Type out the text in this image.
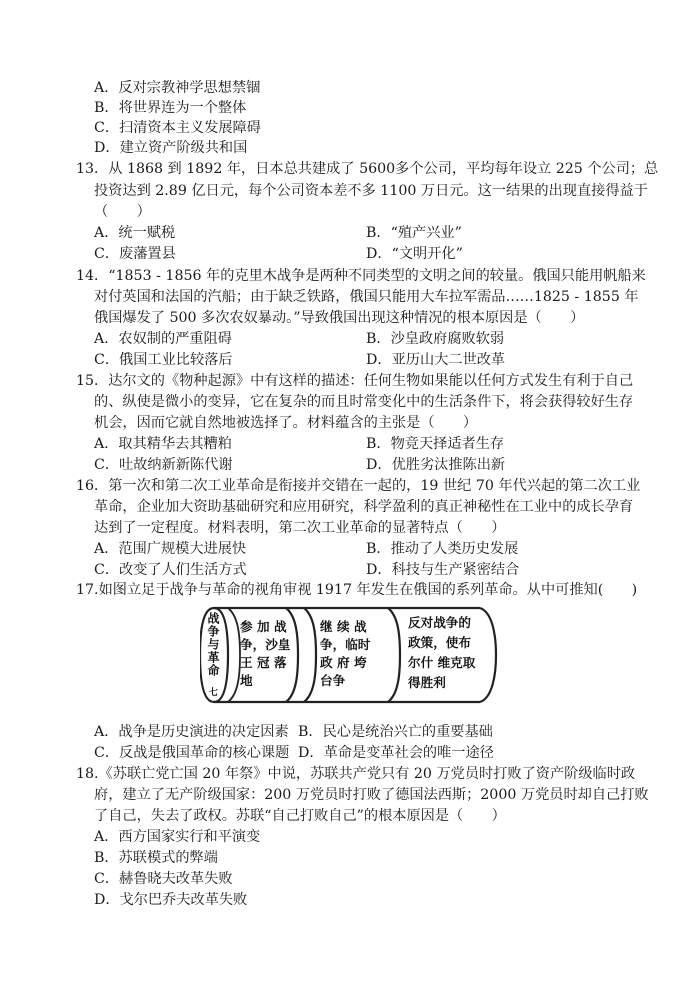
A．反对宗教神学思想禁锢
B．将世界连为一个整体
C．扫清资本主义发展障碍
D．建立资产阶级共和国
13．从 1868 到 1892 年，日本总共建成了 5600多个公司，平均每年设立 225 个公司；总
投资达到 2.89 亿日元，每个公司资本差不多 1100 万日元。这一结果的出现直接得益于
（　　）
A．统一赋税	B．“殖产兴业”
C．废藩置县	D．“文明开化”
14．“1853 - 1856 年的克里木战争是两种不同类型的文明之间的较量。俄国只能用帆船来
对付英国和法国的汽船；由于缺乏铁路，俄国只能用大车拉军需品……1825 - 1855 年
俄国爆发了 500 多次农奴暴动。”导致俄国出现这种情况的根本原因是（　　）
A．农奴制的严重阻碍	B．沙皇政府腐败软弱
C．俄国工业比较落后	D．亚历山大二世改革
15．达尔文的《物种起源》中有这样的描述：任何生物如果能以任何方式发生有利于自己
的、纵使是微小的变异，它在复杂的而且时常变化中的生活条件下，将会获得较好生存
机会，因而它就自然地被选择了。材料蕴含的主张是（　　）
A．取其精华去其糟粕	B．物竞天择适者生存
C．吐故纳新新陈代谢	D．优胜劣汰推陈出新
16．第一次和第二次工业革命是衔接并交错在一起的，19 世纪 70 年代兴起的第二次工业
革命，企业加大资助基础研究和应用研究，科学盈利的真正神秘性在工业中的成长孕育
达到了一定程度。材料表明，第二次工业革命的显著特点（　　）
A．范围广规模大进展快	B．推动了人类历史发展
C．改变了人们生活方式	D．科技与生产紧密结合
17.如图立足于战争与革命的视角审视 1917 年发生在俄国的系列革命。从中可推知(　　)
战争与革命
七
参 加 战
争，沙皇
王 冠 落
地
继 续 战
争，临时
政 府 垮
台争
反对战争的
政策，使布
尔什 维克取
得胜利
A．战争是历史演进的决定因素 B．民心是统治兴亡的重要基础
C．反战是俄国革命的核心课题 D．革命是变革社会的唯一途径
18.《苏联亡党亡国 20 年祭》中说，苏联共产党只有 20 万党员时打败了资产阶级临时政
府，建立了无产阶级国家：200 万党员时打败了德国法西斯；2000 万党员时却自己打败
了自己，失去了政权。苏联“自己打败自己”的根本原因是（　　）
A．西方国家实行和平演变
B．苏联模式的弊端
C．赫鲁晓夫改革失败
D．戈尔巴乔夫改革失败
